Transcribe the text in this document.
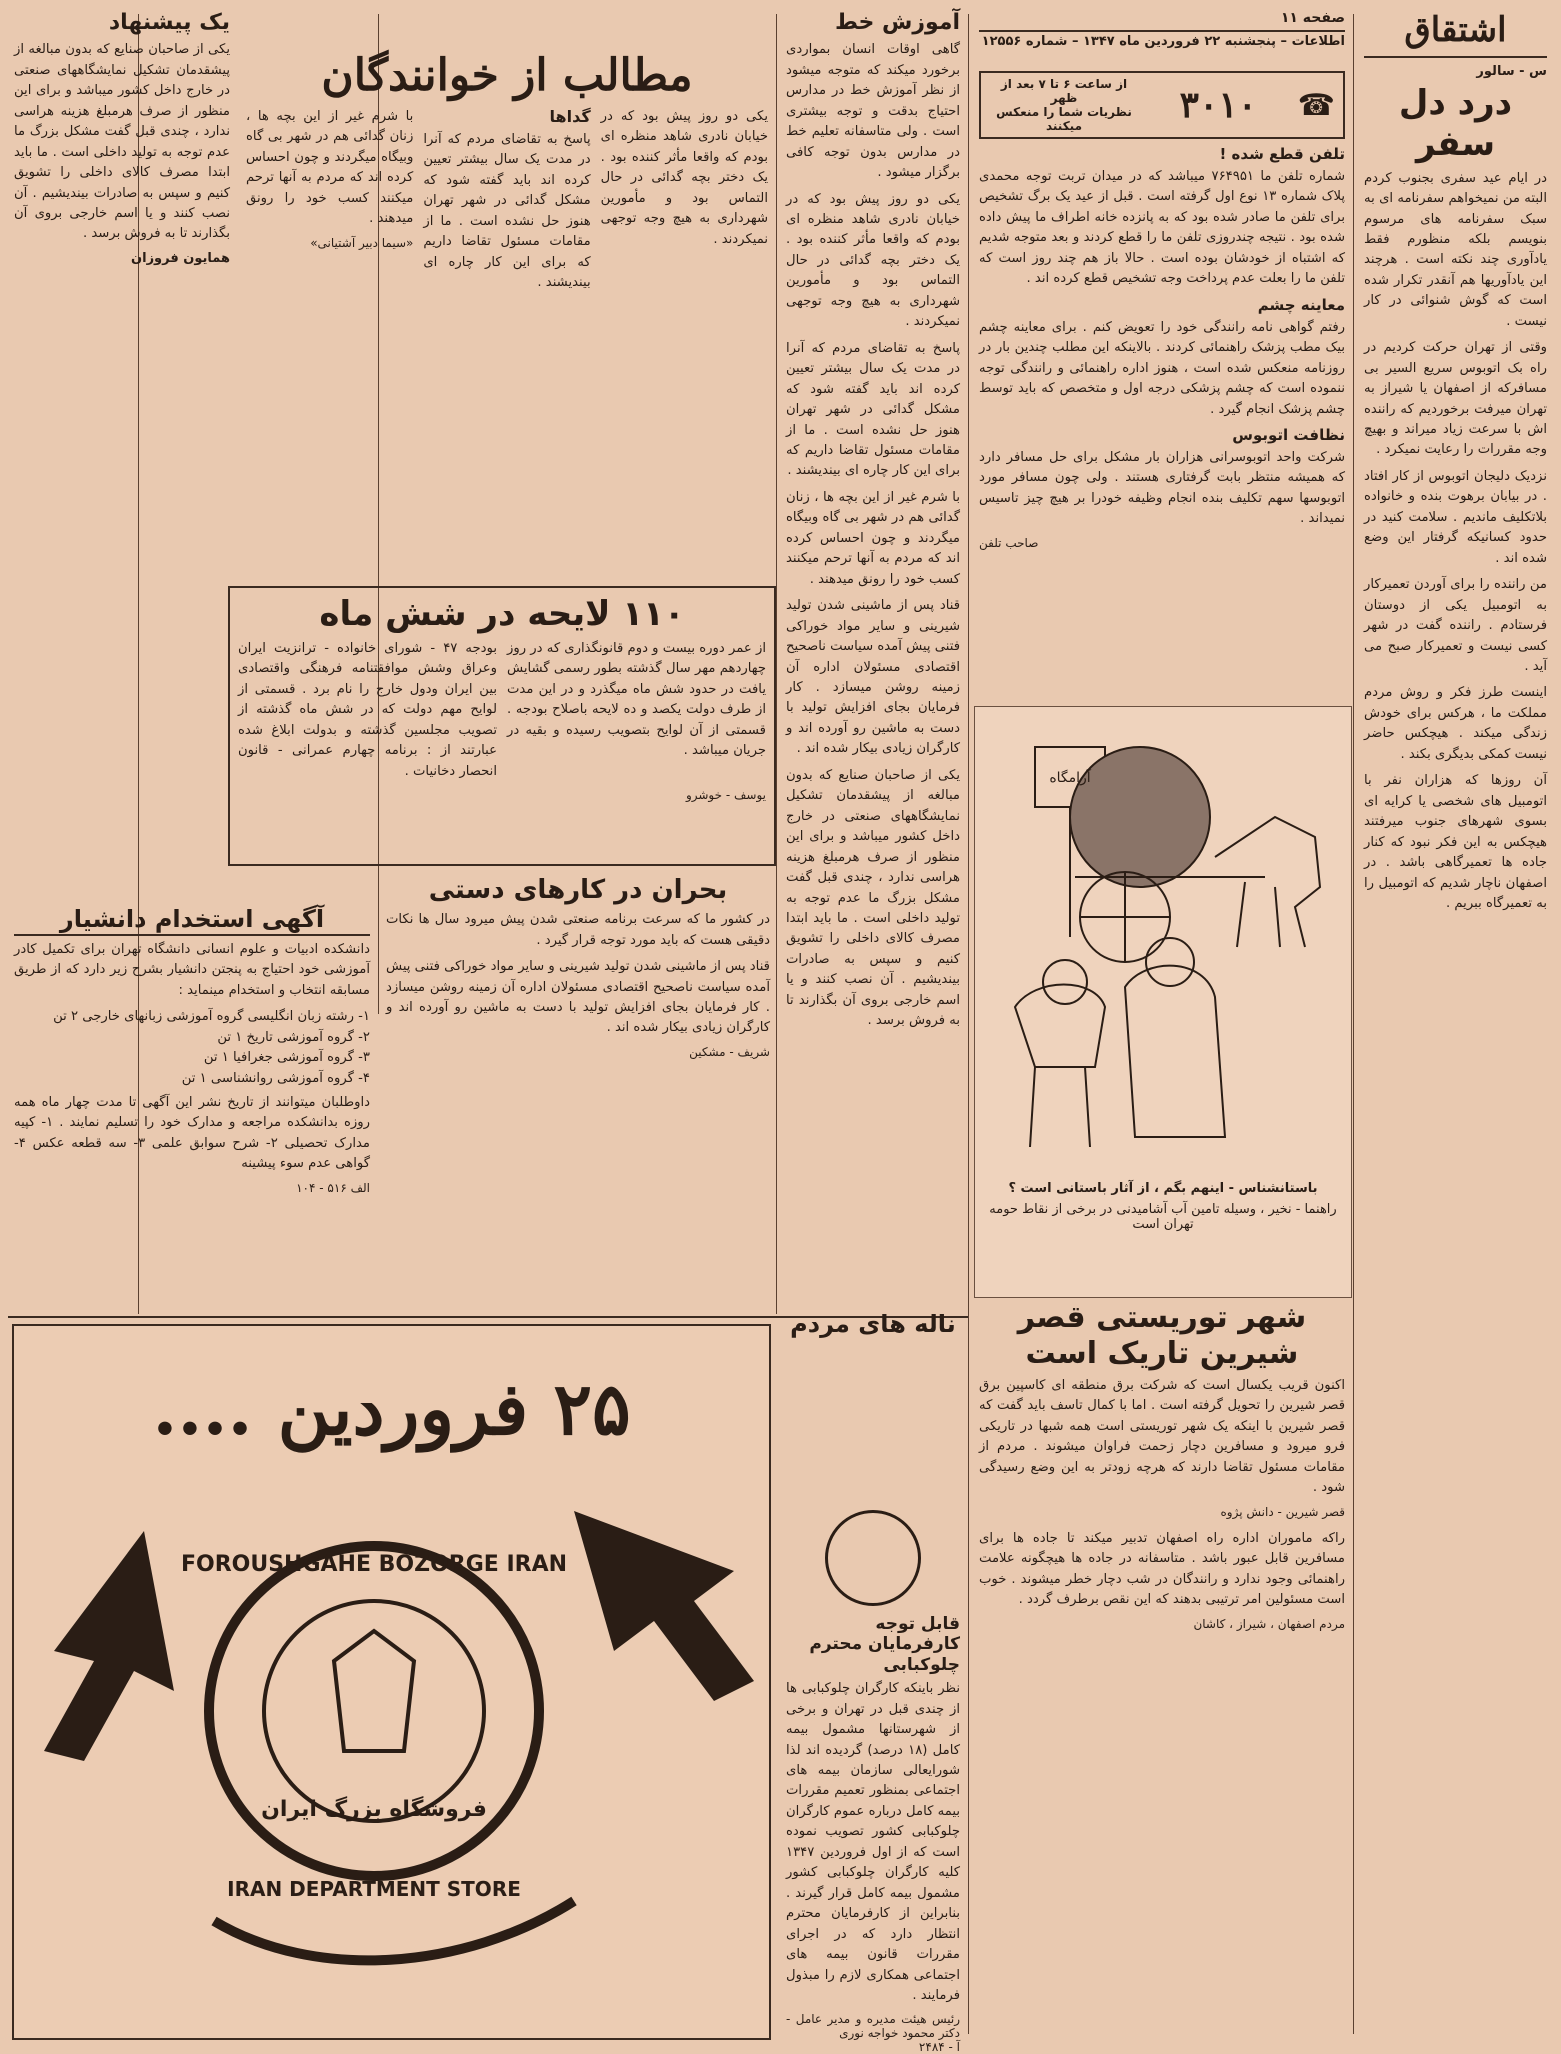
اشتقاق
س - سالور
درد دل سفر

در ایام عید سفری بجنوب کردم البته من نمیخواهم سفرنامه ای به سبک سفرنامه های مرسوم بنویسم بلکه منظورم فقط یادآوری چند نکته است . هرچند این یادآوریها هم آنقدر تکرار شده است که گوش شنوائی در کار نیست .

وقتی از تهران حرکت کردیم در راه بک اتوبوس سریع السیر بی مسافرکه از اصفهان یا شیراز به تهران میرفت برخوردیم که راننده اش با سرعت زیاد میراند و بهیچ وجه مقررات را رعایت نمیکرد .

نزدیک دلیجان اتوبوس از کار افتاد . در بیابان برهوت بنده و خانواده بلاتکلیف ماندیم . سلامت کنید در حدود کسانیکه گرفتار این وضع شده اند .

من راننده را برای آوردن تعمیرکار به اتومبیل یکی از دوستان فرستادم . راننده گفت در شهر کسی نیست و تعمیرکار صبح می آید .

اینست طرز فکر و روش مردم مملکت ما ، هرکس برای خودش زندگی میکند . هیچکس حاضر نیست کمکی بدیگری بکند .

آن روزها که هزاران نفر با اتومبیل های شخصی یا کرایه ای بسوی شهرهای جنوب میرفتند هیچکس به این فکر نبود که کنار جاده ها تعمیرگاهی باشد . در اصفهان ناچار شدیم که اتومبیل را به تعمیرگاه ببریم .

صفحه ۱۱
اطلاعات – پنجشنبه ۲۲ فروردین ماه ۱۳۴۷ – شماره ۱۲۵۵۶
☎
۳۰۱۰
از ساعت ۶ تا ۷ بعد از ظهر
نظریات شما را منعکس میکنند
تلفن قطع شده !

شماره تلفن ما ۷۶۴۹۵۱ میباشد که در میدان تربت توجه محمدی پلاک شماره ۱۳ نوع اول گرفته است . قبل از عید یک برگ تشخیص برای تلفن ما صادر شده بود که به پانزده خانه اطراف ما پیش داده شده بود . نتیجه چندروزی تلفن ما را قطع کردند و بعد متوجه شدیم که اشتباه از خودشان بوده است . حالا باز هم چند روز است که تلفن ما را بعلت عدم پرداخت وجه تشخیص قطع کرده اند .

معاینه چشم

رفتم گواهی نامه رانندگی خود را تعویض کنم . برای معاینه چشم بیک مطب پزشک راهنمائی کردند . بالاینکه این مطلب چندین بار در روزنامه منعکس شده است ، هنوز اداره راهنمائی و رانندگی توجه ننموده است که چشم پزشکی درجه اول و متخصص که باید توسط چشم پزشک انجام گیرد .

نظافت اتوبوس

شرکت واحد اتوبوسرانی هزاران بار مشکل برای حل مسافر دارد که همیشه منتظر بابت گرفتاری هستند . ولی چون مسافر مورد اتوبوسها سهم تکلیف بنده انجام وظیفه خودرا بر هیچ چیز تاسیس نمیداند .

صاحب تلفن
آرامگاه
باستانشناس - اینهم بگم ، از آثار باستانی است ؟
راهنما - نخیر ، وسیله تامین آب آشامیدنی در برخی از نقاط حومه تهران است
آموزش خط

گاهی اوقات انسان بمواردی برخورد میکند که متوجه میشود از نظر آموزش خط در مدارس احتیاج بدقت و توجه بیشتری است . ولی متاسفانه تعلیم خط در مدارس بدون توجه کافی برگزار میشود .

یکی دو روز پیش بود که در خیابان نادری شاهد منظره ای بودم که واقعا مأثر کننده بود . یک دختر بچه گدائی در حال التماس بود و مأمورین شهرداری به هیچ وجه توجهی نمیکردند .

پاسخ به تقاضای مردم که آنرا در مدت یک سال بیشتر تعیین کرده اند باید گفته شود که مشکل گدائی در شهر تهران هنوز حل نشده است . ما از مقامات مسئول تقاضا داریم که برای این کار چاره ای بیندیشند .

با شرم غیر از این بچه ها ، زنان گدائی هم در شهر بی گاه وبیگاه میگردند و چون احساس کرده اند که مردم به آنها ترحم میکنند کسب خود را رونق میدهند .

قناد پس از ماشینی شدن تولید شیرینی و سایر مواد خوراکی فتنی پیش آمده سیاست ناصحیح اقتصادی مسئولان اداره آن زمینه روشن میسازد . کار فرمایان بجای افزایش تولید با دست به ماشین رو آورده اند و کارگران زیادی بیکار شده اند .

یکی از صاحبان صنایع که بدون مبالغه از پیشقدمان تشکیل نمایشگاههای صنعتی در خارج داخل کشور میباشد و برای این منظور از صرف هرمبلغ هزینه هراسی ندارد ، چندی قبل گفت مشکل بزرگ ما عدم توجه به تولید داخلی است . ما باید ابتدا مصرف کالای داخلی را تشویق کنیم و سپس به صادرات بیندیشیم . آن نصب کنند و یا اسم خارجی بروی آن بگذارند تا به فروش برسد .

مطالب از خوانندگان

یکی دو روز پیش بود که در خیابان نادری شاهد منظره ای بودم که واقعا مأثر کننده بود . یک دختر بچه گدائی در حال التماس بود و مأمورین شهرداری به هیچ وجه توجهی نمیکردند .

گداها

پاسخ به تقاضای مردم که آنرا در مدت یک سال بیشتر تعیین کرده اند باید گفته شود که مشکل گدائی در شهر تهران هنوز حل نشده است . ما از مقامات مسئول تقاضا داریم که برای این کار چاره ای بیندیشند .

با شرم غیر از این بچه ها ، زنان گدائی هم در شهر بی گاه وبیگاه میگردند و چون احساس کرده اند که مردم به آنها ترحم میکنند کسب خود را رونق میدهند .

«سیما دبیر آشتیانی»
یک پیشنهاد

یکی از صاحبان صنایع که بدون مبالغه از پیشقدمان تشکیل نمایشگاههای صنعتی در خارج داخل کشور میباشد و برای این منظور از صرف هرمبلغ هزینه هراسی ندارد ، چندی قبل گفت مشکل بزرگ ما عدم توجه به تولید داخلی است . ما باید ابتدا مصرف کالای داخلی را تشویق کنیم و سپس به صادرات بیندیشیم . آن نصب کنند و یا اسم خارجی بروی آن بگذارند تا به فروش برسد .

همایون فروزان
۱۱۰ لایحه در شش ماه

از عمر دوره بیست و دوم قانونگذاری که در روز چهاردهم مهر سال گذشته بطور رسمی گشایش یافت در حدود شش ماه میگذرد و در این مدت از طرف دولت یکصد و ده لایحه باصلاح بودجه . قسمتی از آن لوایح بتصویب رسیده و بقیه در جریان میباشد .

بودجه ۴۷ - شورای خانواده - ترانزیت ایران وعراق وشش موافقتنامه فرهنگی واقتصادی بین ایران ودول خارج را نام برد . قسمتی از لوایح مهم دولت که در شش ماه گذشته از تصویب مجلسین گذشته و بدولت ابلاغ شده عبارتند از : برنامه چهارم عمرانی - قانون انحصار دخانیات .

یوسف - خوشرو
بحران در کارهای دستی

در کشور ما که سرعت برنامه صنعتی شدن پیش میرود سال ها نکات دقیقی هست که باید مورد توجه قرار گیرد .

قناد پس از ماشینی شدن تولید شیرینی و سایر مواد خوراکی فتنی پیش آمده سیاست ناصحیح اقتصادی مسئولان اداره آن زمینه روشن میسازد . کار فرمایان بجای افزایش تولید با دست به ماشین رو آورده اند و کارگران زیادی بیکار شده اند .

شریف - مشکین
آگهی استخدام دانشیار

دانشکده ادبیات و علوم انسانی دانشگاه تهران برای تکمیل کادر آموزشی خود احتیاج به پنجتن دانشیار بشرح زیر دارد که از طریق مسابقه انتخاب و استخدام مینماید :

۱- رشته زبان انگلیسی گروه آموزشی زبانهای خارجی ۲ تن

۲- گروه آموزشی تاریخ ۱ تن

۳- گروه آموزشی جغرافیا ۱ تن

۴- گروه آموزشی روانشناسی ۱ تن

داوطلبان میتوانند از تاریخ نشر این آگهی تا مدت چهار ماه همه روزه بدانشکده مراجعه و مدارک خود را تسلیم نمایند . ۱- کپیه مدارک تحصیلی ۲- شرح سوابق علمی ۳- سه قطعه عکس ۴- گواهی عدم سوء پیشینه

الف ۵۱۶ - ۱۰۴
۲۵ فروردین ....
FOROUSHGAHE BOZORGE IRAN
فروشگاه بزرگ ایران
IRAN DEPARTMENT STORE
شهر توریستی قصر شیرین تاریک است

اکنون قریب یکسال است که شرکت برق منطقه ای کاسپین برق قصر شیرین را تحویل گرفته است . اما با کمال تاسف باید گفت که قصر شیرین با اینکه یک شهر توریستی است همه شبها در تاریکی فرو میرود و مسافرین دچار زحمت فراوان میشوند . مردم از مقامات مسئول تقاضا دارند که هرچه زودتر به این وضع رسیدگی شود .

قصر شیرین - دانش پژوه

راکه ماموران اداره راه اصفهان تدبیر میکند تا جاده ها برای مسافرین قابل عبور باشد . متاسفانه در جاده ها هیچگونه علامت راهنمائی وجود ندارد و رانندگان در شب دچار خطر میشوند . خوب است مسئولین امر ترتیبی بدهند که این نقص برطرف گردد .

مردم اصفهان ، شیراز ، کاشان
ناله های مردم
قابل توجه کارفرمایان محترم چلوکبابی

نظر باینکه کارگران چلوکبابی ها از چندی قبل در تهران و برخی از شهرستانها مشمول بیمه کامل (۱۸ درصد) گردیده اند لذا شورایعالی سازمان بیمه های اجتماعی بمنظور تعمیم مقررات بیمه کامل درباره عموم کارگران چلوکبابی کشور تصویب نموده است که از اول فروردین ۱۳۴۷ کلیه کارگران چلوکبابی کشور مشمول بیمه کامل قرار گیرند . بنابراین از کارفرمایان محترم انتظار دارد که در اجرای مقررات قانون بیمه های اجتماعی همکاری لازم را مبذول فرمایند .

رئیس هیئت مدیره و مدیر عامل - دکتر محمود خواجه نوری
آ - ۲۴۸۴
